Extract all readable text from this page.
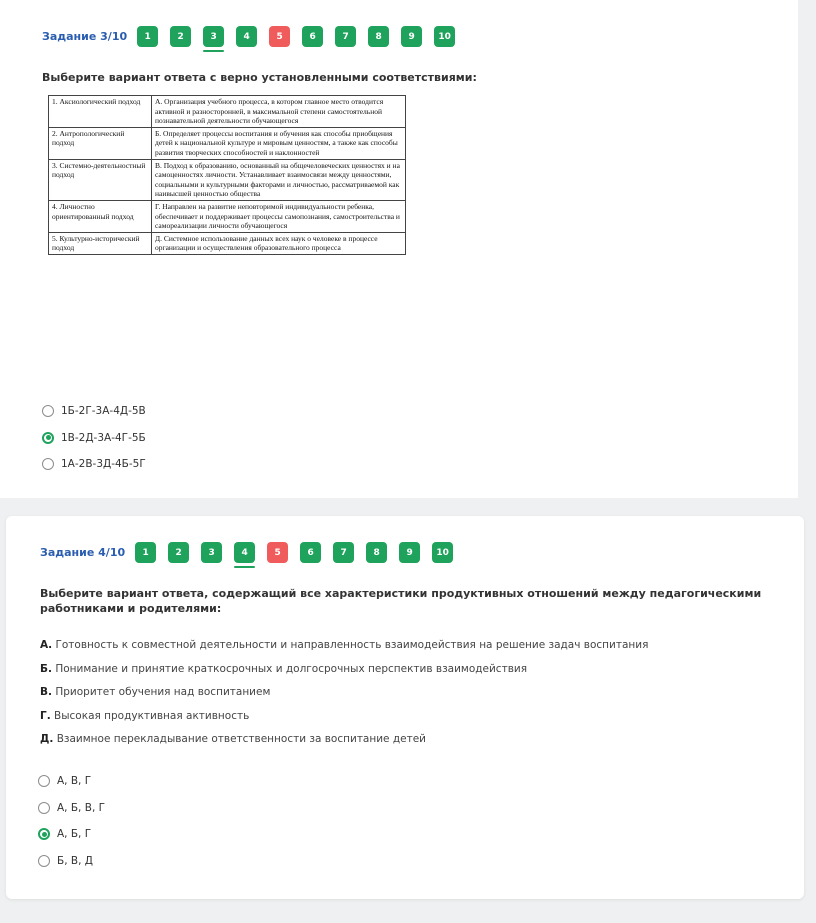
Задание 3/10	1	2	3	4	5	6	7	8	9	10
Выберите вариант ответа с верно установленными соответствиями:
1. Аксиологический подход	А. Организация учебного процесса, в котором главное место отводится активной и разносторонней, в максимальной степени самостоятельной познавательной деятельности обучающегося
2. Антропологический подход	Б. Определяет процессы воспитания и обучения как способы приобщения детей к национальной культуре и мировым ценностям, а также как способы развития творческих способностей и наклонностей
3. Системно-деятельностный подход	В. Подход к образованию, основанный на общечеловеческих ценностях и на самоценностях личности. Устанавливает взаимосвязи между ценностями, социальными и культурными факторами и личностью, рассматриваемой как наивысшей ценностью общества
4. Личностно ориентированный подход	Г. Направлен на развитие неповторимой индивидуальности ребенка, обеспечивает и поддерживает процессы самопознания, самостроительства и самореализации личности обучающегося
5. Культурно-исторический подход	Д. Системное использование данных всех наук о человеке в процессе организации и осуществления образовательного процесса
1Б-2Г-3А-4Д-5В
1В-2Д-3А-4Г-5Б
1А-2В-3Д-4Б-5Г
Задание 4/10	1	2	3	4	5	6	7	8	9	10
Выберите вариант ответа, содержащий все характеристики продуктивных отношений между педагогическими работниками и родителями:
А. Готовность к совместной деятельности и направленность взаимодействия на решение задач воспитания
Б. Понимание и принятие краткосрочных и долгосрочных перспектив взаимодействия
В. Приоритет обучения над воспитанием
Г. Высокая продуктивная активность
Д. Взаимное перекладывание ответственности за воспитание детей
А, В, Г
А, Б, В, Г
А, Б, Г
Б, В, Д
